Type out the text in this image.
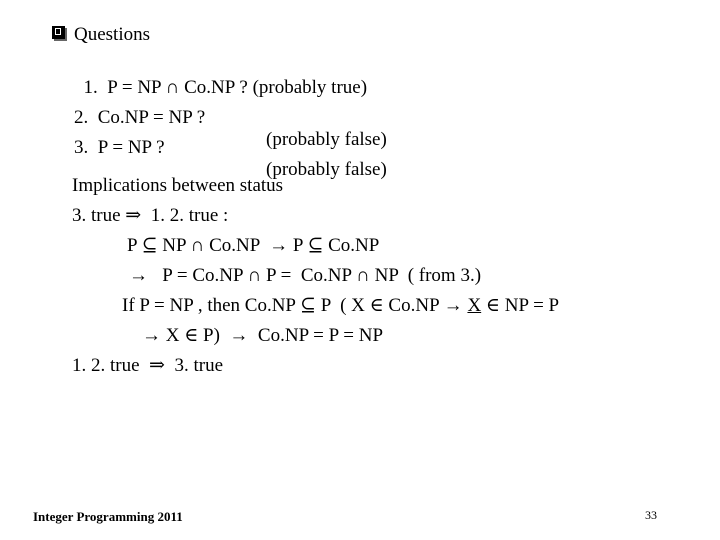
Questions

1.  P = NP ∩ Co.NP ? (probably true)

2.  Co.NP = NP ?

(probably false)

3.  P = NP ?

(probably false)

Implications between status
3. true ⇒  1. 2. true :
P ⊆ NP ∩ Co.NP  → P ⊆ Co.NP
→   P = Co.NP ∩ P =  Co.NP ∩ NP  ( from 3.)
If P = NP , then Co.NP ⊆ P  ( X ∈ Co.NP → X ∈ NP = P
→ X ∈ P)  →  Co.NP = P = NP
1. 2. true  ⇒  3. true
Integer Programming 2011	33
